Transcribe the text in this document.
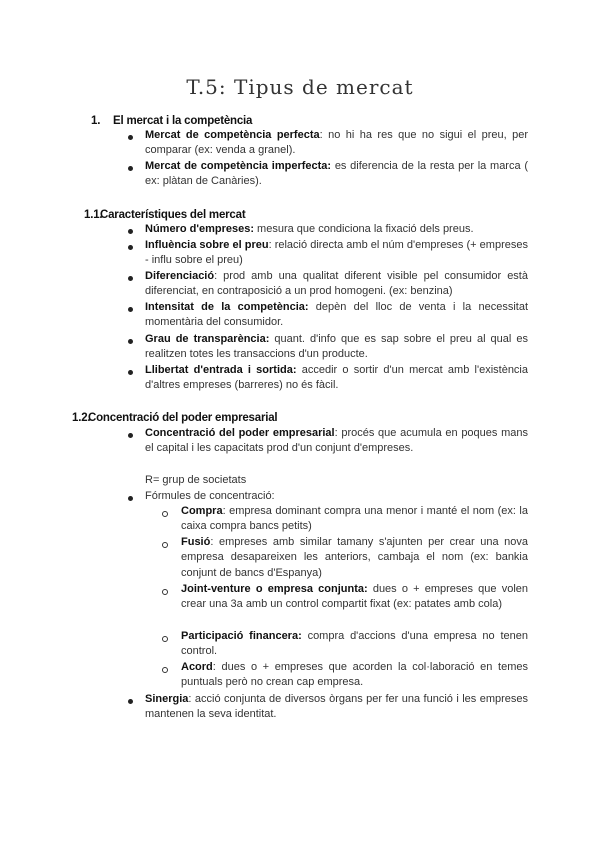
T.5: Tipus de mercat
1. El mercat i la competència

Mercat de competència perfecta: no hi ha res que no sigui el preu, per comparar (ex: venda a granel).

Mercat de competència imperfecta: es diferencia de la resta per la marca ( ex: plàtan de Canàries).

1.1.Característiques del mercat

Número d'empreses: mesura que condiciona la fixació dels preus.

Influència sobre el preu: relació directa amb el núm d'empreses (+ empreses - influ sobre el preu)

Diferenciació: prod amb una qualitat diferent visible pel consumidor està diferenciat, en contraposició a un prod homogeni. (ex: benzina)

Intensitat de la competència: depèn del lloc de venta i la necessitat momentària del consumidor.

Grau de transparència: quant. d'info que es sap sobre el preu al qual es realitzen totes les transaccions d'un producte.

Llibertat d'entrada i sortida: accedir o sortir d'un mercat amb l'existència d'altres empreses (barreres) no és fàcil.

1.2.Concentració del poder empresarial

Concentració del poder empresarial: procés que acumula en poques mans el capital i les capacitats prod d'un conjunt d'empreses.

R= grup de societats

Fórmules de concentració:

Compra: empresa dominant compra una menor i manté el nom (ex: la caixa compra bancs petits)

Fusió: empreses amb similar tamany s'ajunten per crear una nova empresa desapareixen les anteriors, cambaja el nom (ex: bankia conjunt de bancs d'Espanya)

Joint-venture o empresa conjunta: dues o + empreses que volen crear una 3a amb un control compartit fixat (ex: patates amb cola)

Participació financera: compra d'accions d'una empresa no tenen control.

Acord: dues o + empreses que acorden la col·laboració en temes puntuals però no crean cap empresa.

Sinergia: acció conjunta de diversos òrgans per fer una funció i les empreses mantenen la seva identitat.
